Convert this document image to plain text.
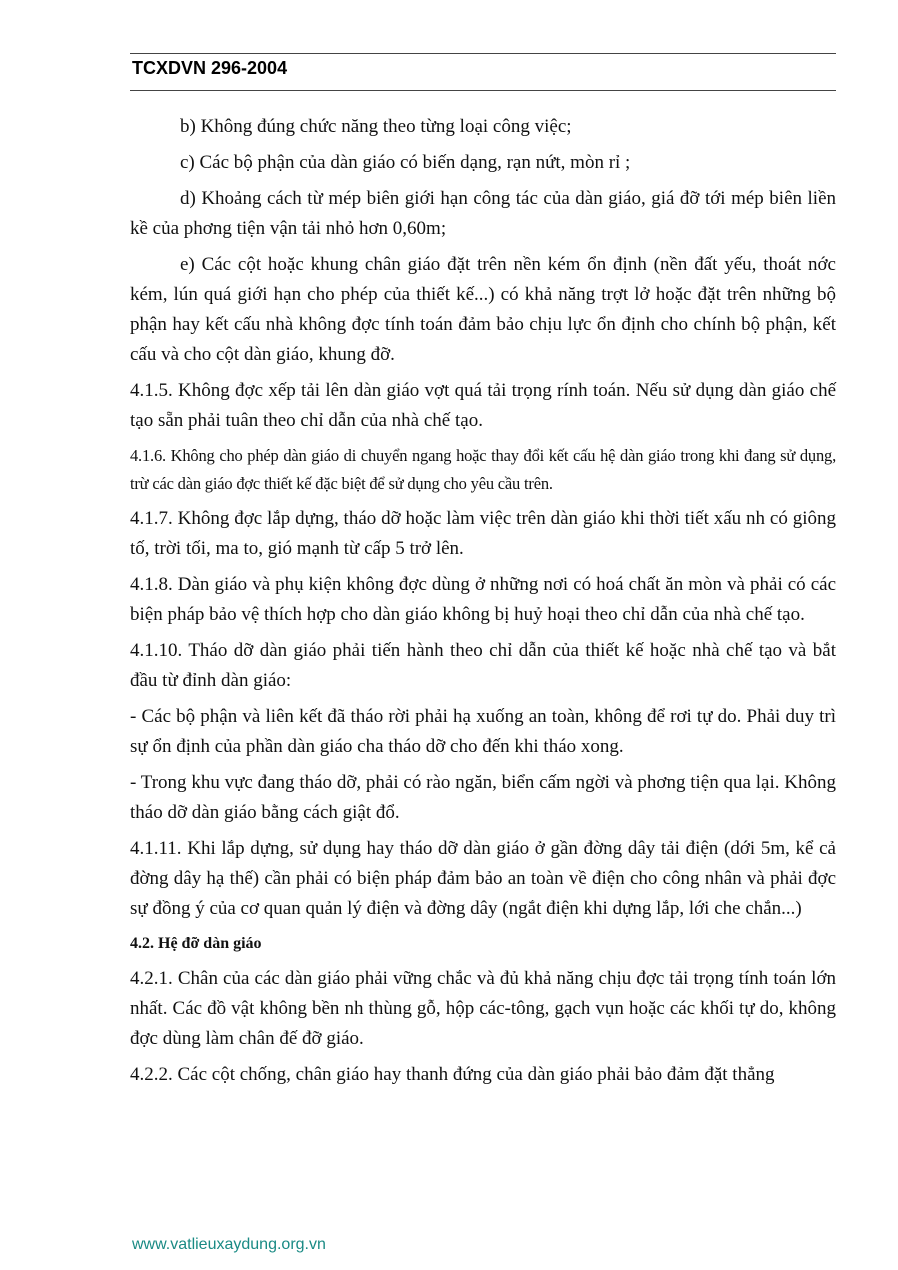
TCXDVN 296-2004

b) Không đúng chức năng theo từng loại công việc;

c) Các bộ phận của dàn giáo có biến dạng, rạn nứt, mòn rỉ ;

d) Khoảng cách từ mép biên giới hạn công tác của dàn giáo, giá đỡ tới mép biên liền kề của phơng tiện vận tải nhỏ hơn 0,60m;

e) Các cột hoặc khung chân giáo đặt trên nền kém ổn định (nền đất yếu, thoát nớc kém, lún quá giới hạn cho phép của thiết kế...) có khả năng trợt lở hoặc đặt trên những bộ phận hay kết cấu nhà không đợc tính toán đảm bảo chịu lực ổn định cho chính bộ phận, kết cấu và cho cột dàn giáo, khung đỡ.

4.1.5. Không đợc xếp tải lên dàn giáo vợt quá tải trọng rính toán. Nếu sử dụng dàn giáo chế tạo sẵn phải tuân theo chỉ dẫn của nhà chế tạo.

4.1.6. Không cho phép dàn giáo di chuyển ngang hoặc thay đổi kết cấu hệ dàn giáo trong khi đang sử dụng, trừ các dàn giáo đợc thiết kế đặc biệt để sử dụng cho yêu cầu trên.

4.1.7. Không đợc lắp dựng, tháo dỡ hoặc làm việc trên dàn giáo khi thời tiết xấu nh có giông tố, trời tối, ma to, gió mạnh từ cấp 5 trở lên.

4.1.8. Dàn giáo và phụ kiện không đợc dùng ở những nơi có hoá chất ăn mòn và phải có các biện pháp bảo vệ thích hợp cho dàn giáo không bị huỷ hoại theo chỉ dẫn của nhà chế tạo.

4.1.10. Tháo dỡ dàn giáo phải tiến hành theo chỉ dẫn của thiết kế hoặc nhà chế tạo và bắt đầu từ đỉnh dàn giáo:

- Các bộ phận và liên kết đã tháo rời phải hạ xuống an toàn, không để rơi tự do. Phải duy trì sự ổn định của phần dàn giáo cha tháo dỡ cho đến khi tháo xong.

- Trong khu vực đang tháo dỡ, phải có rào ngăn, biển cấm ngời và phơng tiện qua lại. Không tháo dỡ dàn giáo bằng cách giật đổ.

4.1.11. Khi lắp dựng, sử dụng hay tháo dỡ dàn giáo ở gần đờng dây tải điện (dới 5m, kể cả đờng dây hạ thế) cần phải có biện pháp đảm bảo an toàn về điện cho công nhân và phải đợc sự đồng ý của cơ quan quản lý điện và đờng dây (ngắt điện khi dựng lắp, lới che chắn...)

4.2. Hệ đỡ dàn giáo

4.2.1. Chân của các dàn giáo phải vững chắc và đủ khả năng chịu đợc tải trọng tính toán lớn nhất. Các đồ vật không bền nh thùng gỗ, hộp các-tông, gạch vụn hoặc các khối tự do, không đợc dùng làm chân đế đỡ giáo.

4.2.2. Các cột chống, chân giáo hay thanh đứng của dàn giáo phải bảo đảm đặt thẳng

www.vatlieuxaydung.org.vn
